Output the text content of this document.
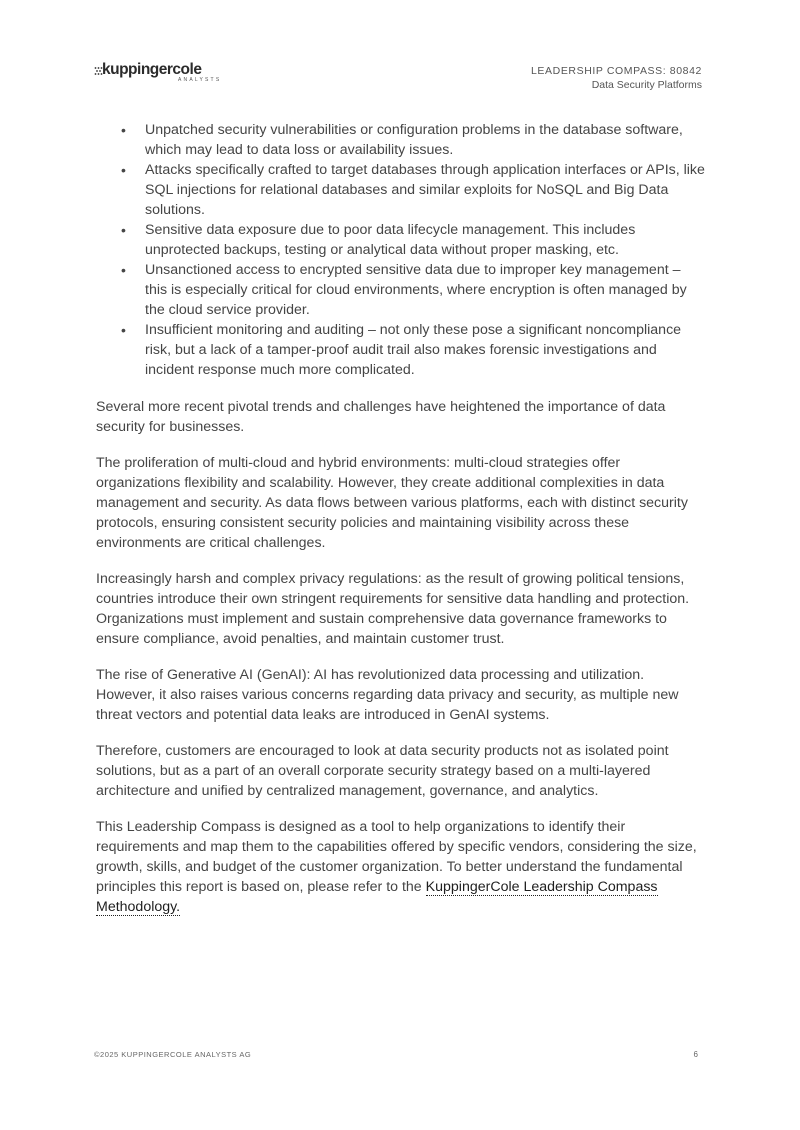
kuppingercole
ANALYSTS
LEADERSHIP COMPASS: 80842
Data Security Platforms
• Unpatched security vulnerabilities or configuration problems in the database software, which may lead to data loss or availability issues.
• Attacks specifically crafted to target databases through application interfaces or APIs, like SQL injections for relational databases and similar exploits for NoSQL and Big Data solutions.
• Sensitive data exposure due to poor data lifecycle management. This includes unprotected backups, testing or analytical data without proper masking, etc.
• Unsanctioned access to encrypted sensitive data due to improper key management – this is especially critical for cloud environments, where encryption is often managed by the cloud service provider.
• Insufficient monitoring and auditing – not only these pose a significant noncompliance risk, but a lack of a tamper-proof audit trail also makes forensic investigations and incident response much more complicated.

Several more recent pivotal trends and challenges have heightened the importance of data security for businesses.

The proliferation of multi-cloud and hybrid environments: multi-cloud strategies offer organizations flexibility and scalability. However, they create additional complexities in data management and security. As data flows between various platforms, each with distinct security protocols, ensuring consistent security policies and maintaining visibility across these environments are critical challenges.

Increasingly harsh and complex privacy regulations: as the result of growing political tensions, countries introduce their own stringent requirements for sensitive data handling and protection. Organizations must implement and sustain comprehensive data governance frameworks to ensure compliance, avoid penalties, and maintain customer trust.

The rise of Generative AI (GenAI): AI has revolutionized data processing and utilization. However, it also raises various concerns regarding data privacy and security, as multiple new threat vectors and potential data leaks are introduced in GenAI systems.

Therefore, customers are encouraged to look at data security products not as isolated point solutions, but as a part of an overall corporate security strategy based on a multi-layered architecture and unified by centralized management, governance, and analytics.

This Leadership Compass is designed as a tool to help organizations to identify their requirements and map them to the capabilities offered by specific vendors, considering the size, growth, skills, and budget of the customer organization. To better understand the fundamental principles this report is based on, please refer to the KuppingerCole Leadership Compass Methodology.

©2025 KUPPINGERCOLE ANALYSTS AG	6
